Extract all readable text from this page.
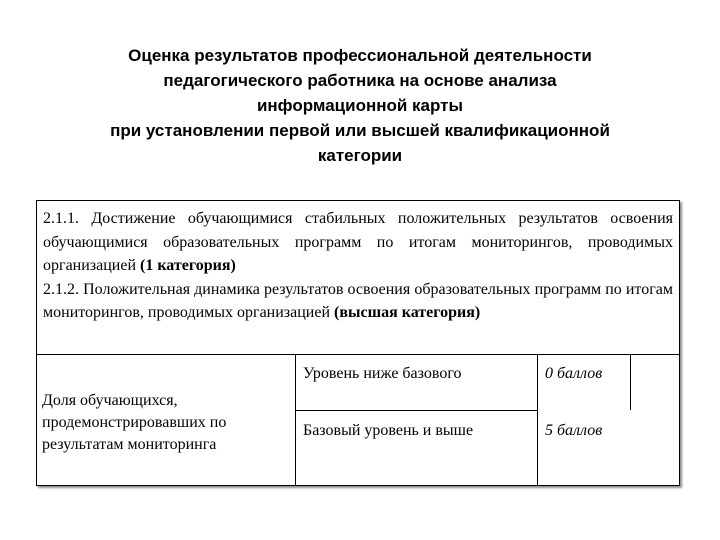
Оценка результатов профессиональной деятельности
педагогического работника на основе анализа
информационной карты
при установлении первой или высшей квалификационной
категории

2.1.1. Достижение обучающимися стабильных положительных результатов освоения обучающимися образовательных программ по итогам мониторингов, проводимых организацией (1 категория)

2.1.2. Положительная динамика результатов освоения образовательных программ по итогам мониторингов, проводимых организацией (высшая категория)

Доля обучающихся, продемонстрировавших по результатам мониторинга
Уровень ниже базового	0 баллов
Базовый уровень и выше	5 баллов
